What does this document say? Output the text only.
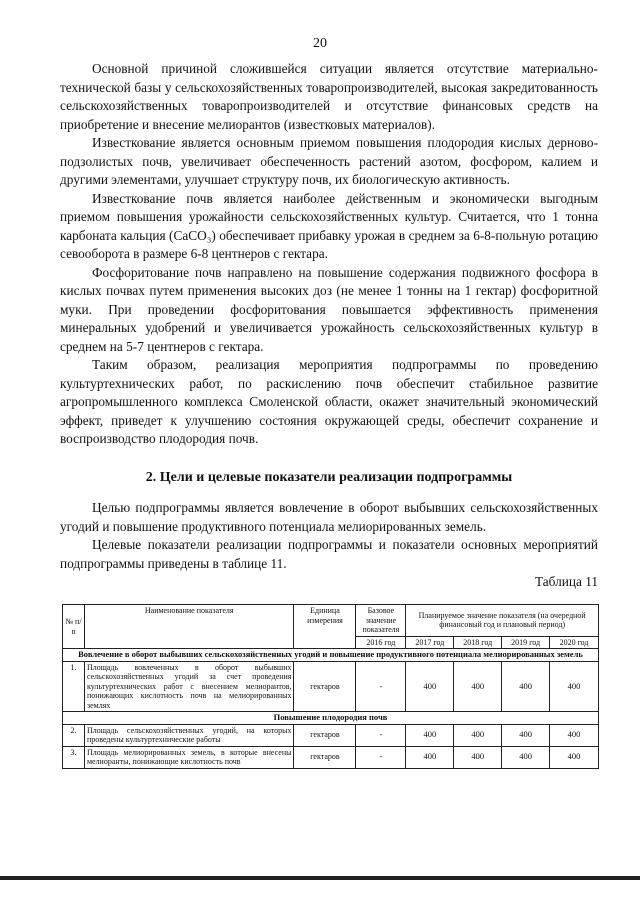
20

Основной причиной сложившейся ситуации является отсутствие материально-технической базы у сельскохозяйственных товаропроизводителей, высокая закредитованность сельскохозяйственных товаропроизводителей и отсутствие финансовых средств на приобретение и внесение мелиорантов (известковых материалов).

Известкование является основным приемом повышения плодородия кислых дерново-подзолистых почв, увеличивает обеспеченность растений азотом, фосфором, калием и другими элементами, улучшает структуру почв, их биологическую активность.

Известкование почв является наиболее действенным и экономически выгодным приемом повышения урожайности сельскохозяйственных культур. Считается, что 1 тонна карбоната кальция (CaCO₃) обеспечивает прибавку урожая в среднем за 6-8-польную ротацию севооборота в размере 6-8 центнеров с гектара.

Фосфоритование почв направлено на повышение содержания подвижного фосфора в кислых почвах путем применения высоких доз (не менее 1 тонны на 1 гектар) фосфоритной муки. При проведении фосфоритования повышается эффективность применения минеральных удобрений и увеличивается урожайность сельскохозяйственных культур в среднем на 5-7 центнеров с гектара.

Таким образом, реализация мероприятия подпрограммы по проведению культуртехнических работ, по раскислению почв обеспечит стабильное развитие агропромышленного комплекса Смоленской области, окажет значительный экономический эффект, приведет к улучшению состояния окружающей среды, обеспечит сохранение и воспроизводство плодородия почв.

2. Цели и целевые показатели реализации подпрограммы

Целью подпрограммы является вовлечение в оборот выбывших сельскохозяйственных угодий и повышение продуктивного потенциала мелиорированных земель.

Целевые показатели реализации подпрограммы и показатели основных мероприятий подпрограммы приведены в таблице 11.

Таблица 11

№ п/п	Наименование показателя	Единица измерения	Базовое значение показателя	Планируемое значение показателя (на очередной финансовый год и плановый период)			
			2016 год	2017 год	2018 год	2019 год	2020 год
Вовлечение в оборот выбывших сельскохозяйственных угодий и повышение продуктивного потенциала мелиорированных земель							
1.	Площадь вовлеченных в оборот выбывших сельскохозяйственных угодий за счет проведения культуртехнических работ с внесением мелиорантов, понижающих кислотность почв на мелиорированных землях	гектаров	-	400	400	400	400
Повышение плодородия почв							
2.	Площадь сельскохозяйственных угодий, на которых проведены культуртехнические работы	гектаров	-	400	400	400	400
3.	Площадь мелиорированных земель, в которые внесены мелиоранты, понижающие кислотность почв	гектаров	-	400	400	400	400
